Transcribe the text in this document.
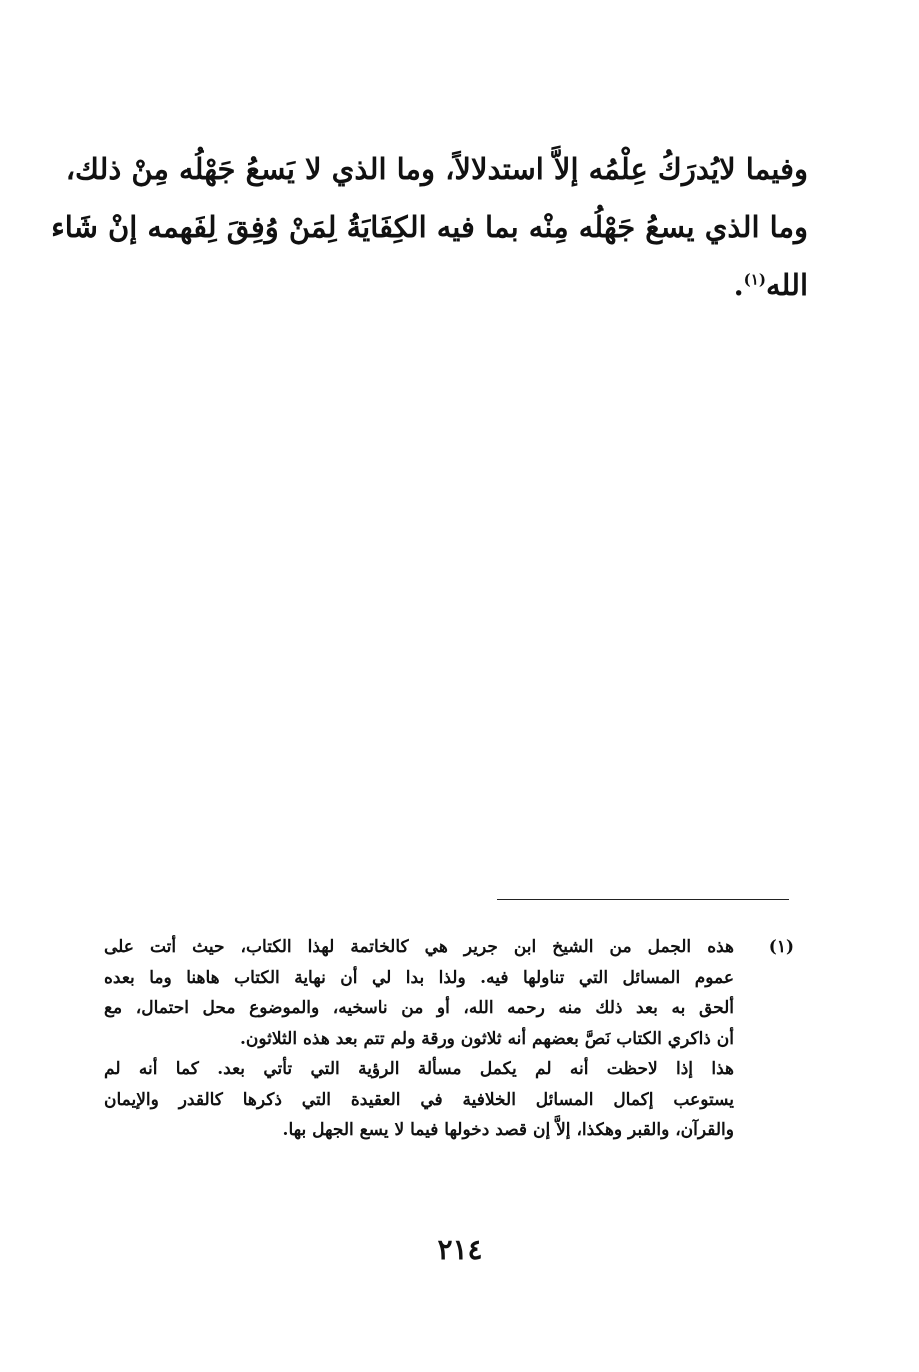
وفيما لايُدرَكُ عِلْمُه إلاَّ استدلالاً، وما الذي لا يَسعُ جَهْلُه مِنْ ذلك،
وما الذي يسعُ جَهْلُه مِنْه بما فيه الكِفَايَةُ لِمَنْ وُفِقَ لِفَهمه إنْ شَاء
الله$^{(١)}$.
(١)
هذه الجمل من الشيخ ابن جرير هي كالخاتمة لهذا الكتاب، حيث أتت على
عموم المسائل التي تناولها فيه. ولذا بدا لي أن نهاية الكتاب هاهنا وما بعده
ألحق به بعد ذلك منه رحمه الله، أو من ناسخيه، والموضوع محل احتمال، مع
أن ذاكري الكتاب نَصَّ بعضهم أنه ثلاثون ورقة ولم تتم بعد هذه الثلاثون.
هذا إذا لاحظت أنه لم يكمل مسألة الرؤية التي تأتي بعد. كما أنه لم
يستوعب إكمال المسائل الخلافية في العقيدة التي ذكرها كالقدر والإيمان
والقرآن، والقبر وهكذا، إلاَّ إن قصد دخولها فيما لا يسع الجهل بها.
٢١٤
